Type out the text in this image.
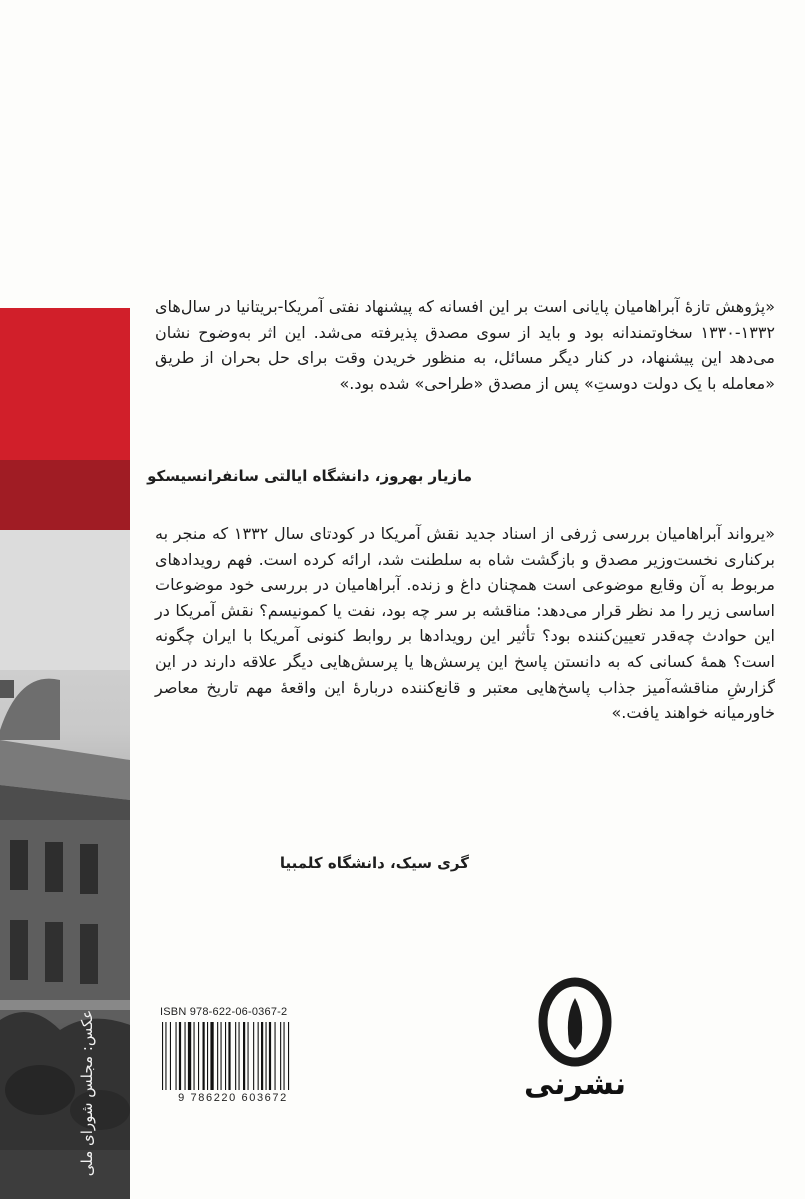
عکس: مجلس شورای ملی

«پژوهش تازهٔ آبراهامیان پایانی است بر این افسانه که پیشنهاد نفتی آمریکا-بریتانیا در سال‌های ۱۳۳۲-۱۳۳۰ سخاوتمندانه بود و باید از سوی مصدق پذیرفته می‌شد. این اثر به‌وضوح نشان می‌دهد این پیشنهاد، در کنار دیگر مسائل، به منظور خریدن وقت برای حل بحران از طریق «معامله با یک دولت دوستِ» پس از مصدق «طراحی» شده بود.»

مازیار بهروز، دانشگاه ایالتی سانفرانسیسکو

«یرواند آبراهامیان بررسی ژرفی از اسناد جدید نقش آمریکا در کودتای سال ۱۳۳۲ که منجر به برکناری نخست‌وزیر مصدق و بازگشت شاه به سلطنت شد، ارائه کرده است. فهم رویدادهای مربوط به آن وقایع موضوعی است همچنان داغ و زنده. آبراهامیان در بررسی خود موضوعات اساسی زیر را مد نظر قرار می‌دهد: مناقشه بر سر چه بود، نفت یا کمونیسم؟ نقش آمریکا در این حوادث چه‌قدر تعیین‌کننده بود؟ تأثیر این رویدادها بر روابط کنونی آمریکا با ایران چگونه است؟ همهٔ کسانی که به دانستن پاسخ این پرسش‌ها یا پرسش‌هایی دیگر علاقه دارند در این گزارشِ مناقشه‌آمیز جذاب پاسخ‌هایی معتبر و قانع‌کننده دربارهٔ این واقعهٔ مهم تاریخ معاصر خاورمیانه خواهند یافت.»

گری سیک، دانشگاه کلمبیا
ISBN 978-622-06-0367-2
9 786220 603672	نشرنی
